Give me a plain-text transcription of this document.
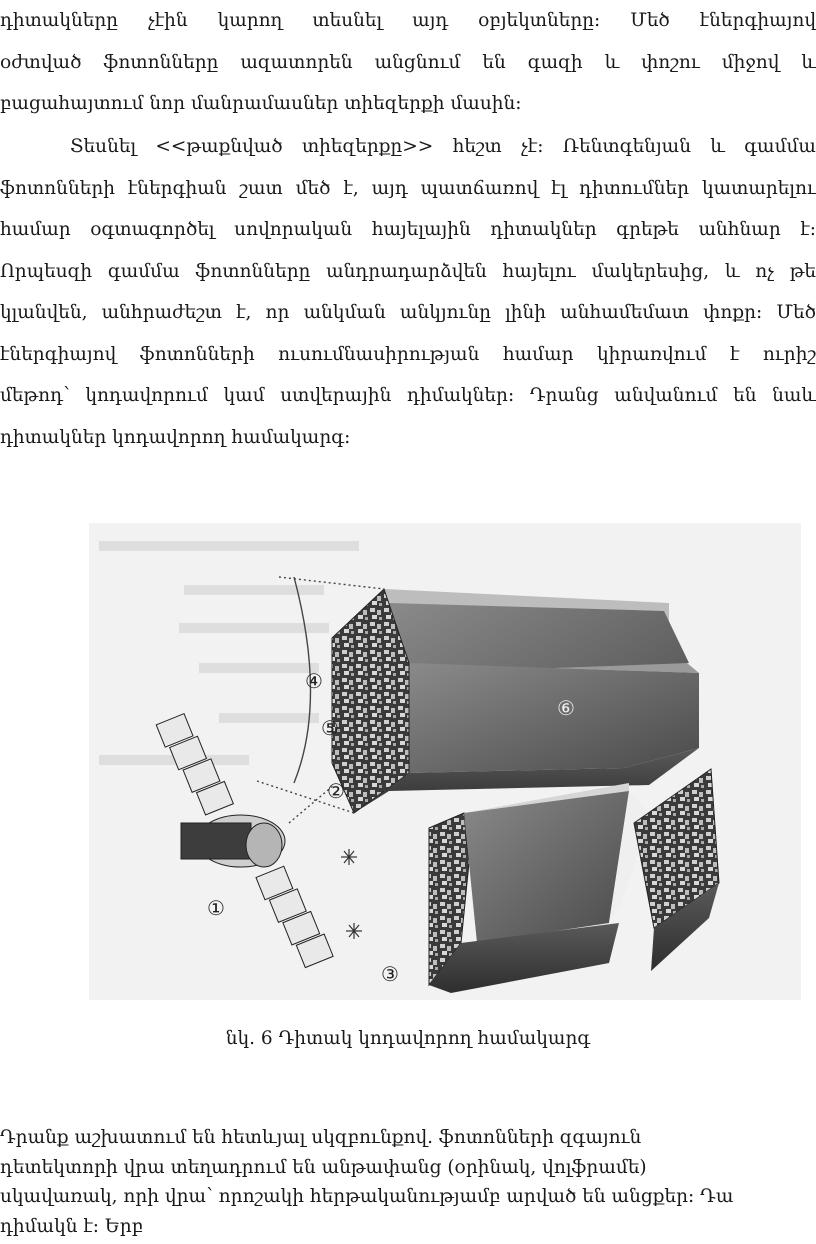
դիտակները չէին կարող տեսնել այդ օբյեկտները: Մեծ էներգիայով
օժտված ֆոտոնները ազատորեն անցնում են գազի և փոշու միջով և
բացահայտում նոր մանրամասներ տիեզերքի մասին:
Տեսնել <<թաքնված տիեզերքը>> հեշտ չէ: Ռենտգենյան և գամմա
ֆոտոնների էներգիան շատ մեծ է, այդ պատճառով էլ դիտումներ կատարելու
համար օգտագործել սովորական հայելային դիտակներ գրեթե անհնար է:
Որպեսզի գամմա ֆոտոնները անդրադարձվեն հայելու մակերեսից, և ոչ թե
կլանվեն, անհրաժեշտ է, որ անկման անկյունը լինի անհամեմատ փոքր: Մեծ
էներգիայով ֆոտոնների ուսումնասիրության համար կիրառվում է ուրիշ
մեթոդ՝ կոդավորում կամ ստվերային դիմակներ: Դրանց անվանում են նաև
դիտակներ կոդավորող համակարգ:
①
②
③
④
⑤
⑥
նկ. 6 Դիտակ կոդավորող համակարգ
Դրանք աշխատում են հետևյալ սկզբունքով. ֆոտոնների զգայուն
դետեկտորի վրա տեղադրում են անթափանց (օրինակ, վոլֆրամե)
սկավառակ, որի վրա՝ որոշակի հերթականությամբ արված են անցքեր: Դա
դիմակն է: Երբ
